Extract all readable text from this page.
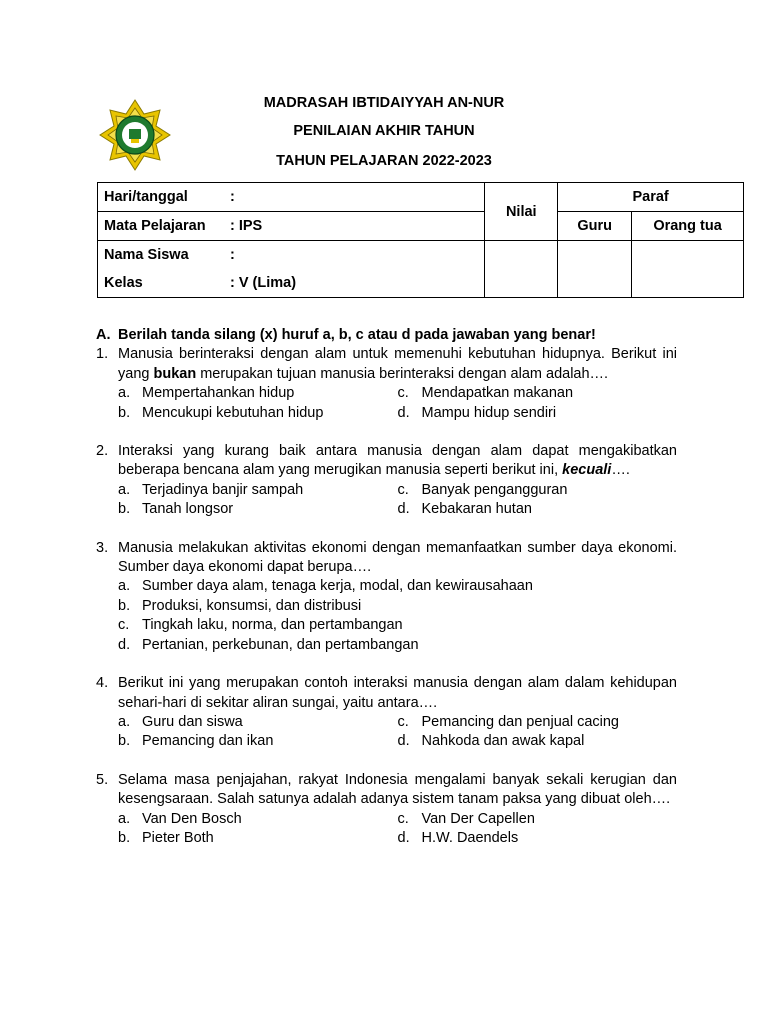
MADRASAH IBTIDAIYYAH AN-NUR
PENILAIAN AKHIR TAHUN
TAHUN PELAJARAN 2022-2023
Hari/tanggal :	Nilai	Paraf	
Mata Pelajaran : IPS		Guru	Orang tua
Nama Siswa :			
Kelas : V (Lima)			
A. Berilah tanda silang (x) huruf a, b, c atau d pada jawaban yang benar!
1. Manusia berinteraksi dengan alam untuk memenuhi kebutuhan hidupnya. Berikut ini yang bukan merupakan tujuan manusia berinteraksi dengan alam adalah….
a. Mempertahankan hidup	c. Mendapatkan makanan
b. Mencukupi kebutuhan hidup	d. Mampu hidup sendiri
2. Interaksi yang kurang baik antara manusia dengan alam dapat mengakibatkan beberapa bencana alam yang merugikan manusia seperti berikut ini, kecuali….
a. Terjadinya banjir sampah	c. Banyak pengangguran
b. Tanah longsor	d. Kebakaran hutan
3. Manusia melakukan aktivitas ekonomi dengan memanfaatkan sumber daya ekonomi. Sumber daya ekonomi dapat berupa….
a. Sumber daya alam, tenaga kerja, modal, dan kewirausahaan
b. Produksi, konsumsi, dan distribusi
c. Tingkah laku, norma, dan pertambangan
d. Pertanian, perkebunan, dan pertambangan
4. Berikut ini yang merupakan contoh interaksi manusia dengan alam dalam kehidupan sehari-hari di sekitar aliran sungai, yaitu antara….
a. Guru dan siswa	c. Pemancing dan penjual cacing
b. Pemancing dan ikan	d. Nahkoda dan awak kapal
5. Selama masa penjajahan, rakyat Indonesia mengalami banyak sekali kerugian dan kesengsaraan. Salah satunya adalah adanya sistem tanam paksa yang dibuat oleh….
a. Van Den Bosch	c. Van Der Capellen
b. Pieter Both	d. H.W. Daendels
